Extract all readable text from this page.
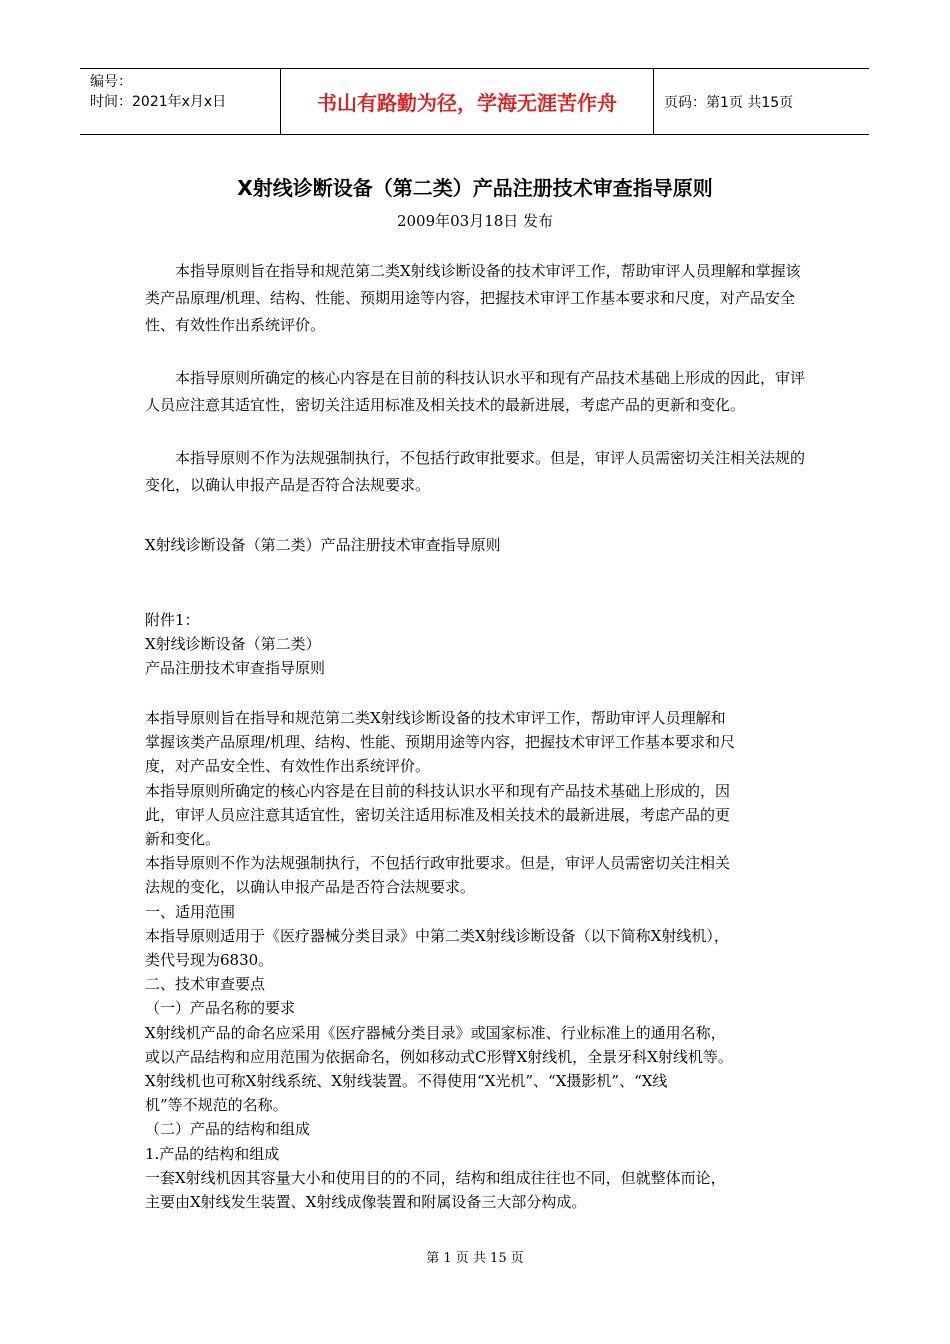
编号：
时间：2021年x月x日	书山有路勤为径，学海无涯苦作舟	页码：第1页 共15页
X射线诊断设备（第二类）产品注册技术审查指导原则
2009年03月18日 发布

本指导原则旨在指导和规范第二类X射线诊断设备的技术审评工作，帮助审评人员理解和掌握该类产品原理/机理、结构、性能、预期用途等内容，把握技术审评工作基本要求和尺度，对产品安全性、有效性作出系统评价。

本指导原则所确定的核心内容是在目前的科技认识水平和现有产品技术基础上形成的因此，审评人员应注意其适宜性，密切关注适用标准及相关技术的最新进展，考虑产品的更新和变化。

本指导原则不作为法规强制执行，不包括行政审批要求。但是，审评人员需密切关注相关法规的变化，以确认申报产品是否符合法规要求。

X射线诊断设备（第二类）产品注册技术审查指导原则
附件1：
X射线诊断设备（第二类）
产品注册技术审查指导原则
本指导原则旨在指导和规范第二类X射线诊断设备的技术审评工作，帮助审评人员理解和
掌握该类产品原理/机理、结构、性能、预期用途等内容，把握技术审评工作基本要求和尺
度，对产品安全性、有效性作出系统评价。
本指导原则所确定的核心内容是在目前的科技认识水平和现有产品技术基础上形成的，因
此，审评人员应注意其适宜性，密切关注适用标准及相关技术的最新进展，考虑产品的更
新和变化。
本指导原则不作为法规强制执行，不包括行政审批要求。但是，审评人员需密切关注相关
法规的变化，以确认申报产品是否符合法规要求。
一、适用范围
本指导原则适用于《医疗器械分类目录》中第二类X射线诊断设备（以下简称X射线机），
类代号现为6830。
二、技术审查要点
（一）产品名称的要求
X射线机产品的命名应采用《医疗器械分类目录》或国家标准、行业标准上的通用名称，
或以产品结构和应用范围为依据命名，例如移动式C形臂X射线机，全景牙科X射线机等。
X射线机也可称X射线系统、X射线装置。不得使用“X光机”、“X摄影机”、“X线
机”等不规范的名称。
（二）产品的结构和组成
1.产品的结构和组成
一套X射线机因其容量大小和使用目的的不同，结构和组成往往也不同，但就整体而论，
主要由X射线发生装置、X射线成像装置和附属设备三大部分构成。
第 1 页 共 15 页
